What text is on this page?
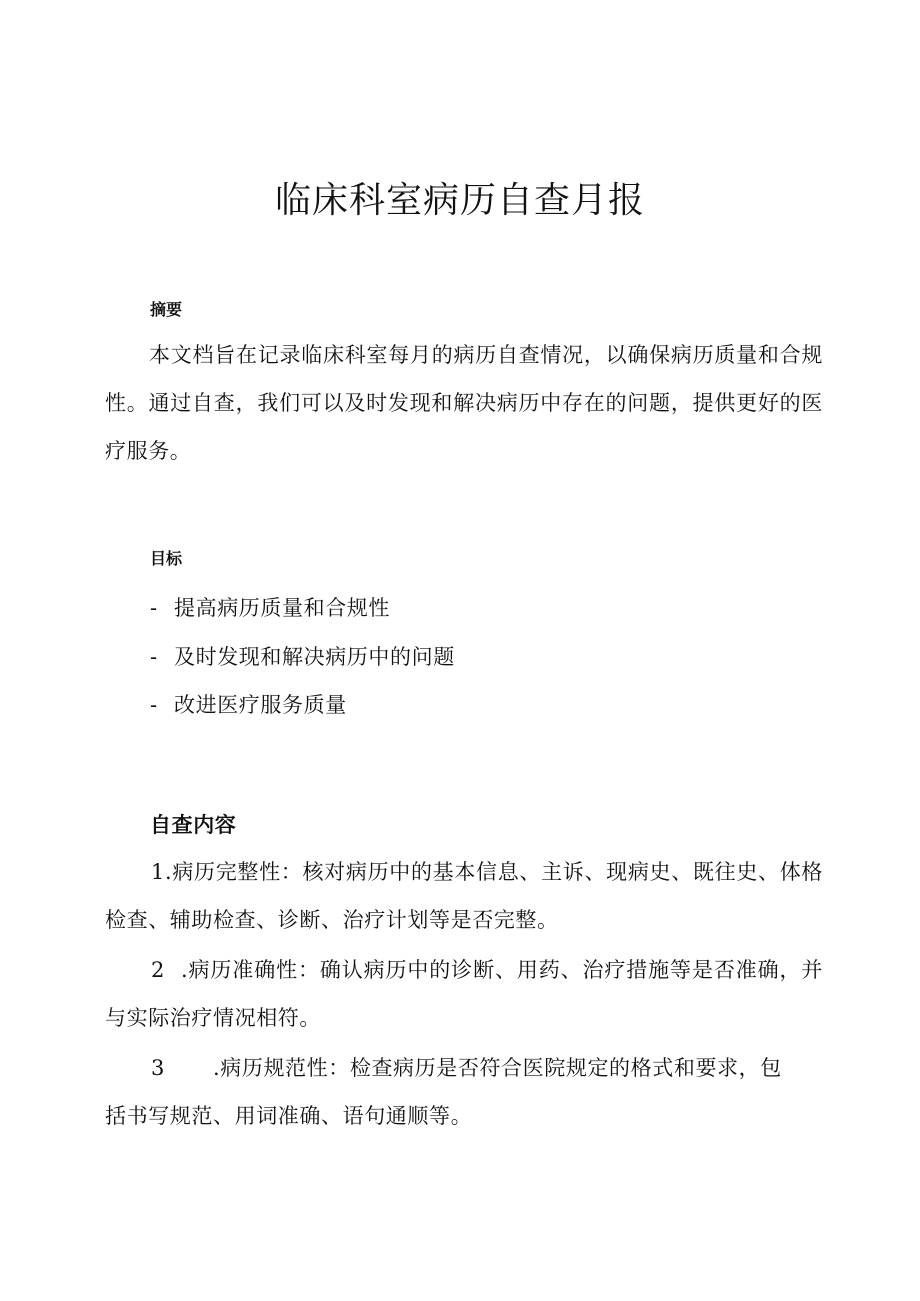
临床科室病历自查月报
摘要

本文档旨在记录临床科室每月的病历自查情况，以确保病历质量和合规性。通过自查，我们可以及时发现和解决病历中存在的问题，提供更好的医疗服务。

目标
- 提高病历质量和合规性
- 及时发现和解决病历中的问题
- 改进医疗服务质量
自查内容
1.病历完整性：核对病历中的基本信息、主诉、现病史、既往史、体格
检查、辅助检查、诊断、治疗计划等是否完整。
2 .病历准确性：确认病历中的诊断、用药、治疗措施等是否准确，并
与实际治疗情况相符。
3 .病历规范性：检查病历是否符合医院规定的格式和要求，包
括书写规范、用词准确、语句通顺等。
